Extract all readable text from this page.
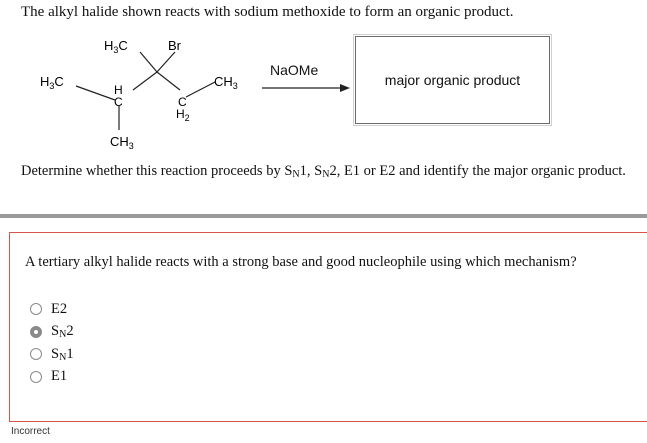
The alkyl halide shown reacts with sodium methoxide to form an organic product.
$H_3C$	Br
$H_3C$
H
C
$CH_3$
C
$H_2$
$CH_3$
NaOMe
major organic product
Determine whether this reaction proceeds by $S_N1$, $S_N2$, E1 or E2 and identify the major organic product.
A tertiary alkyl halide reacts with a strong base and good nucleophile using which mechanism?
E2
$S_N2$
$S_N1$
E1
Incorrect
